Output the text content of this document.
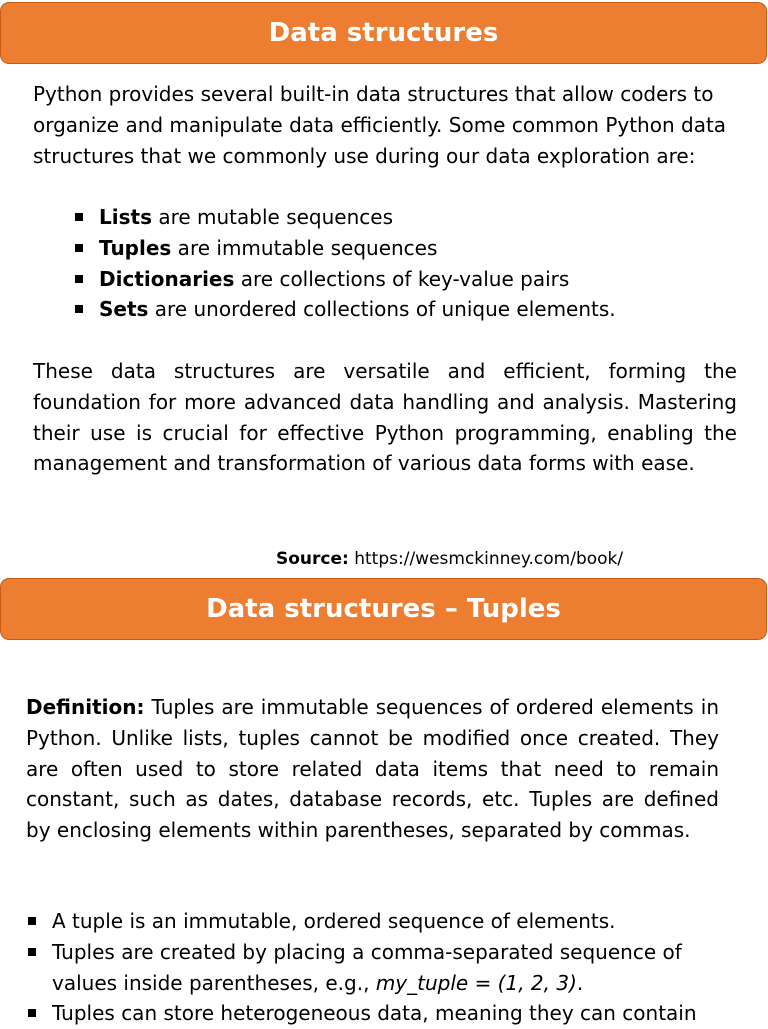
Data structures
Python provides several built-in data structures that allow coders to organize and manipulate data efficiently. Some common Python data structures that we commonly use during our data exploration are:
Lists are mutable sequences
Tuples are immutable sequences
Dictionaries are collections of key-value pairs
Sets are unordered collections of unique elements.
These data structures are versatile and efficient, forming the foundation for more advanced data handling and analysis. Mastering their use is crucial for effective Python programming, enabling the management and transformation of various data forms with ease.
Source: https://wesmckinney.com/book/
Data structures – Tuples
Definition: Tuples are immutable sequences of ordered elements in Python. Unlike lists, tuples cannot be modified once created. They are often used to store related data items that need to remain constant, such as dates, database records, etc. Tuples are defined by enclosing elements within parentheses, separated by commas.
A tuple is an immutable, ordered sequence of elements.
Tuples are created by placing a comma-separated sequence of values inside parentheses, e.g., my_tuple = (1, 2, 3).
Tuples can store heterogeneous data, meaning they can contain
